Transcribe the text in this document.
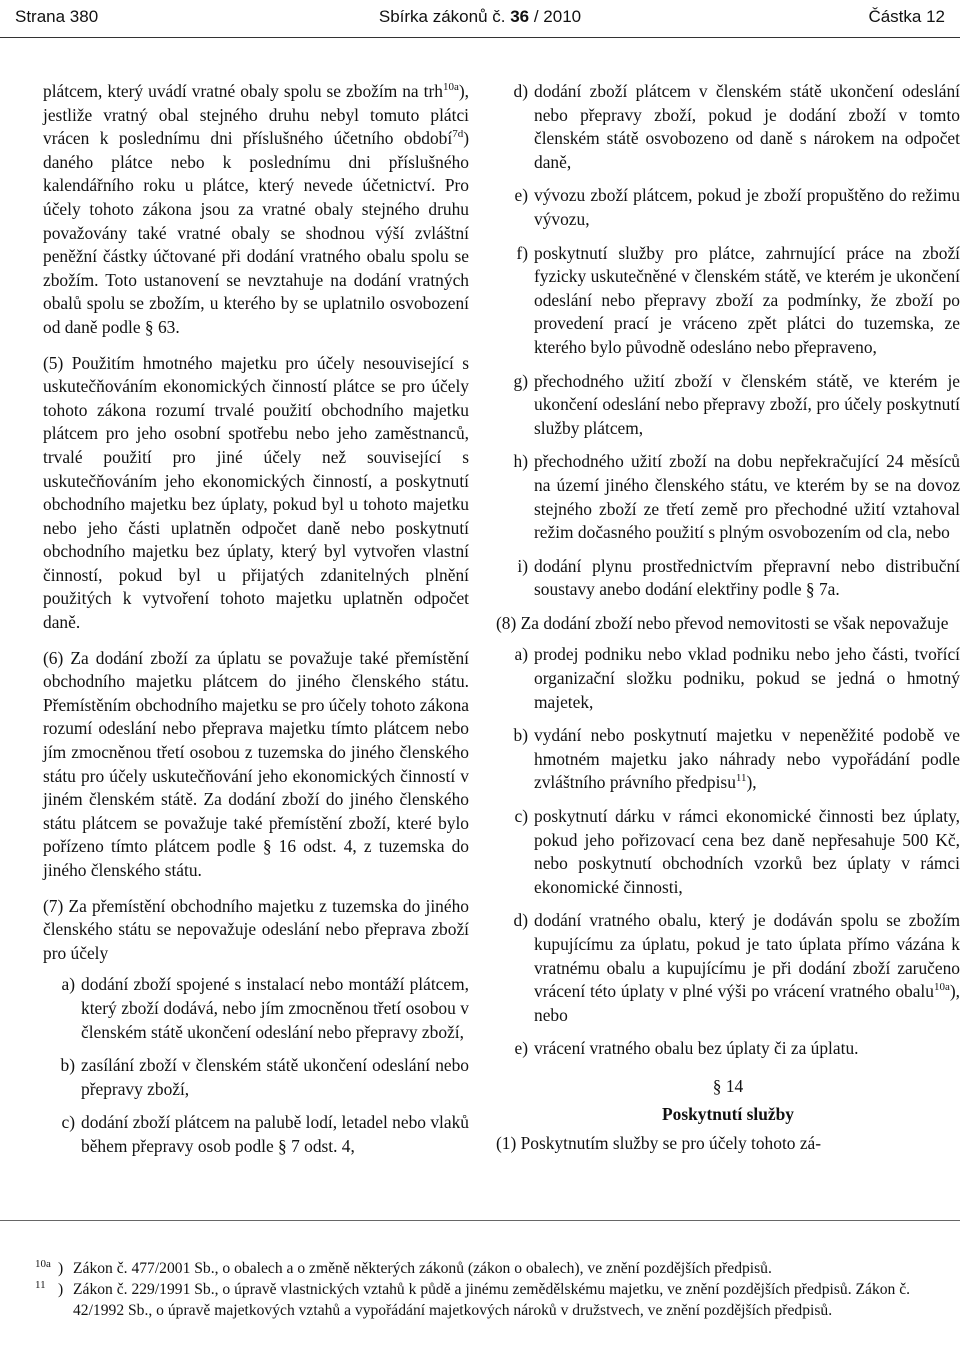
Strana 380	Sbírka zákonů č. 36 / 2010	Částka 12

plátcem, který uvádí vratné obaly spolu se zbožím na trh$^{10a}$), jestliže vratný obal stejného druhu nebyl tomuto plátci vrácen k poslednímu dni příslušného účetního období$^{7d}$) daného plátce nebo k poslednímu dni příslušného kalendářního roku u plátce, který nevede účetnictví. Pro účely tohoto zákona jsou za vratné obaly stejného druhu považovány také vratné obaly se shodnou výší zvláštní peněžní částky účtované při dodání vratného obalu spolu se zbožím. Toto ustanovení se nevztahuje na dodání vratných obalů spolu se zbožím, u kterého by se uplatnilo osvobození od daně podle § 63.

(5) Použitím hmotného majetku pro účely nesouvisející s uskutečňováním ekonomických činností plátce se pro účely tohoto zákona rozumí trvalé použití obchodního majetku plátcem pro jeho osobní spotřebu nebo jeho zaměstnanců, trvalé použití pro jiné účely než související s uskutečňováním jeho ekonomických činností, a poskytnutí obchodního majetku bez úplaty, pokud byl u tohoto majetku nebo jeho části uplatněn odpočet daně nebo poskytnutí obchodního majetku bez úplaty, který byl vytvořen vlastní činností, pokud byl u přijatých zdanitelných plnění použitých k vytvoření tohoto majetku uplatněn odpočet daně.

(6) Za dodání zboží za úplatu se považuje také přemístění obchodního majetku plátcem do jiného členského státu. Přemístěním obchodního majetku se pro účely tohoto zákona rozumí odeslání nebo přeprava majetku tímto plátcem nebo jím zmocněnou třetí osobou z tuzemska do jiného členského státu pro účely uskutečňování jeho ekonomických činností v jiném členském státě. Za dodání zboží do jiného členského státu plátcem se považuje také přemístění zboží, které bylo pořízeno tímto plátcem podle § 16 odst. 4, z tuzemska do jiného členského státu.

(7) Za přemístění obchodního majetku z tuzemska do jiného členského státu se nepovažuje odeslání nebo přeprava zboží pro účely

a) dodání zboží spojené s instalací nebo montáží plátcem, který zboží dodává, nebo jím zmocněnou třetí osobou v členském státě ukončení odeslání nebo přepravy zboží,
b) zasílání zboží v členském státě ukončení odeslání nebo přepravy zboží,
c) dodání zboží plátcem na palubě lodí, letadel nebo vlaků během přepravy osob podle § 7 odst. 4,
d) dodání zboží plátcem v členském státě ukončení odeslání nebo přepravy zboží, pokud je dodání zboží v tomto členském státě osvobozeno od daně s nárokem na odpočet daně,
e) vývozu zboží plátcem, pokud je zboží propuštěno do režimu vývozu,
f) poskytnutí služby pro plátce, zahrnující práce na zboží fyzicky uskutečněné v členském státě, ve kterém je ukončení odeslání nebo přepravy zboží za podmínky, že zboží po provedení prací je vráceno zpět plátci do tuzemska, ze kterého bylo původně odesláno nebo přepraveno,
g) přechodného užití zboží v členském státě, ve kterém je ukončení odeslání nebo přepravy zboží, pro účely poskytnutí služby plátcem,
h) přechodného užití zboží na dobu nepřekračující 24 měsíců na území jiného členského státu, ve kterém by se na dovoz stejného zboží ze třetí země pro přechodné užití vztahoval režim dočasného použití s plným osvobozením od cla, nebo
i) dodání plynu prostřednictvím přepravní nebo distribuční soustavy anebo dodání elektřiny podle § 7a.

(8) Za dodání zboží nebo převod nemovitosti se však nepovažuje

a) prodej podniku nebo vklad podniku nebo jeho části, tvořící organizační složku podniku, pokud se jedná o hmotný majetek,
b) vydání nebo poskytnutí majetku v nepeněžité podobě ve hmotném majetku jako náhrady nebo vypořádání podle zvláštního právního předpisu$^{11}$),
c) poskytnutí dárku v rámci ekonomické činnosti bez úplaty, pokud jeho pořizovací cena bez daně nepřesahuje 500 Kč, nebo poskytnutí obchodních vzorků bez úplaty v rámci ekonomické činnosti,
d) dodání vratného obalu, který je dodáván spolu se zbožím kupujícímu za úplatu, pokud je tato úplata přímo vázána k vratnému obalu a kupujícímu je při dodání zboží zaručeno vrácení této úplaty v plné výši po vrácení vratného obalu$^{10a}$), nebo
e) vrácení vratného obalu bez úplaty či za úplatu.
§ 14
Poskytnutí služby

(1) Poskytnutím služby se pro účely tohoto zá-

10a ) Zákon č. 477/2001 Sb., o obalech a o změně některých zákonů (zákon o obalech), ve znění pozdějších předpisů.
11 ) Zákon č. 229/1991 Sb., o úpravě vlastnických vztahů k půdě a jinému zemědělskému majetku, ve znění pozdějších předpisů. Zákon č. 42/1992 Sb., o úpravě majetkových vztahů a vypořádání majetkových nároků v družstvech, ve znění pozdějších předpisů.
